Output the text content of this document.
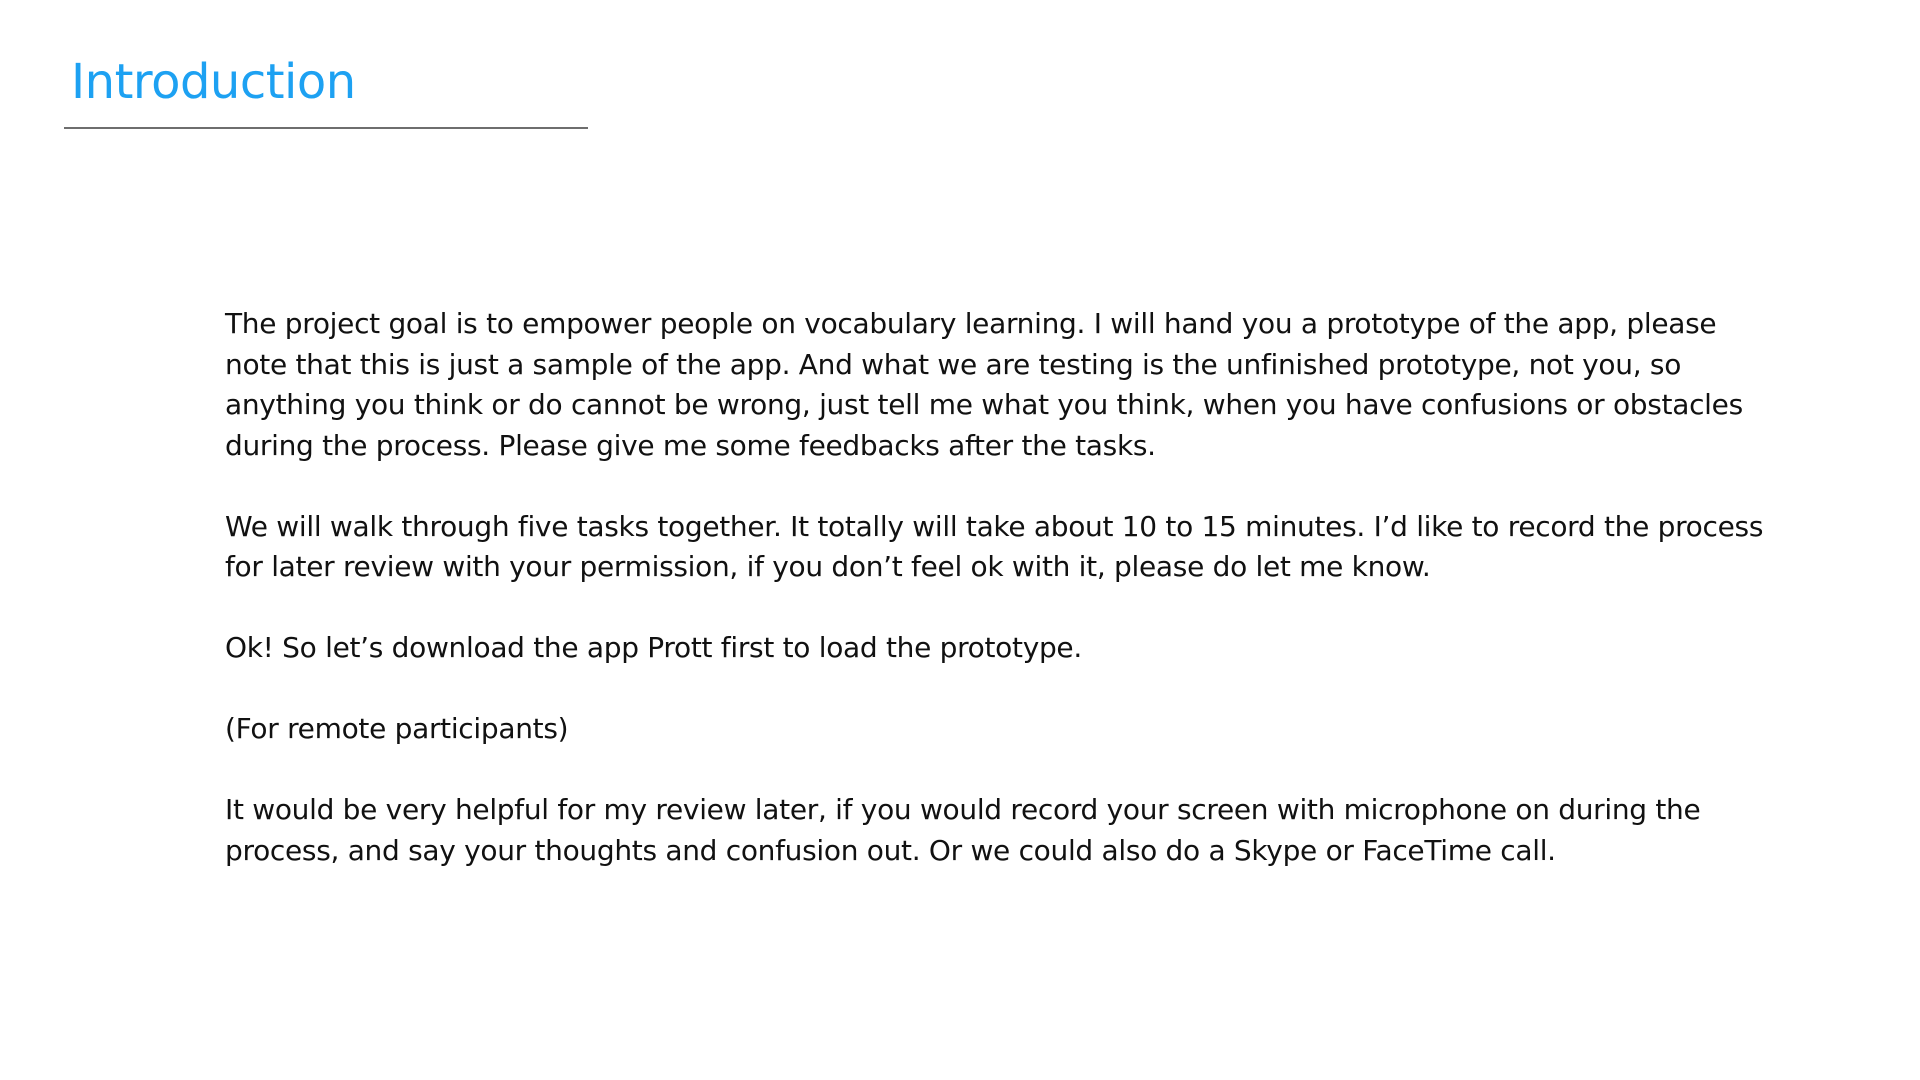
Introduction

The project goal is to empower people on vocabulary learning. I will hand you a prototype of the app, please note that this is just a sample of the app. And what we are testing is the unfinished prototype, not you, so anything you think or do cannot be wrong, just tell me what you think, when you have confusions or obstacles during the process. Please give me some feedbacks after the tasks.

We will walk through five tasks together. It totally will take about 10 to 15 minutes. I’d like to record the process for later review with your permission, if you don’t feel ok with it, please do let me know.

Ok! So let’s download the app Prott first to load the prototype.

(For remote participants)

It would be very helpful for my review later, if you would record your screen with microphone on during the process, and say your thoughts and confusion out. Or we could also do a Skype or FaceTime call.
